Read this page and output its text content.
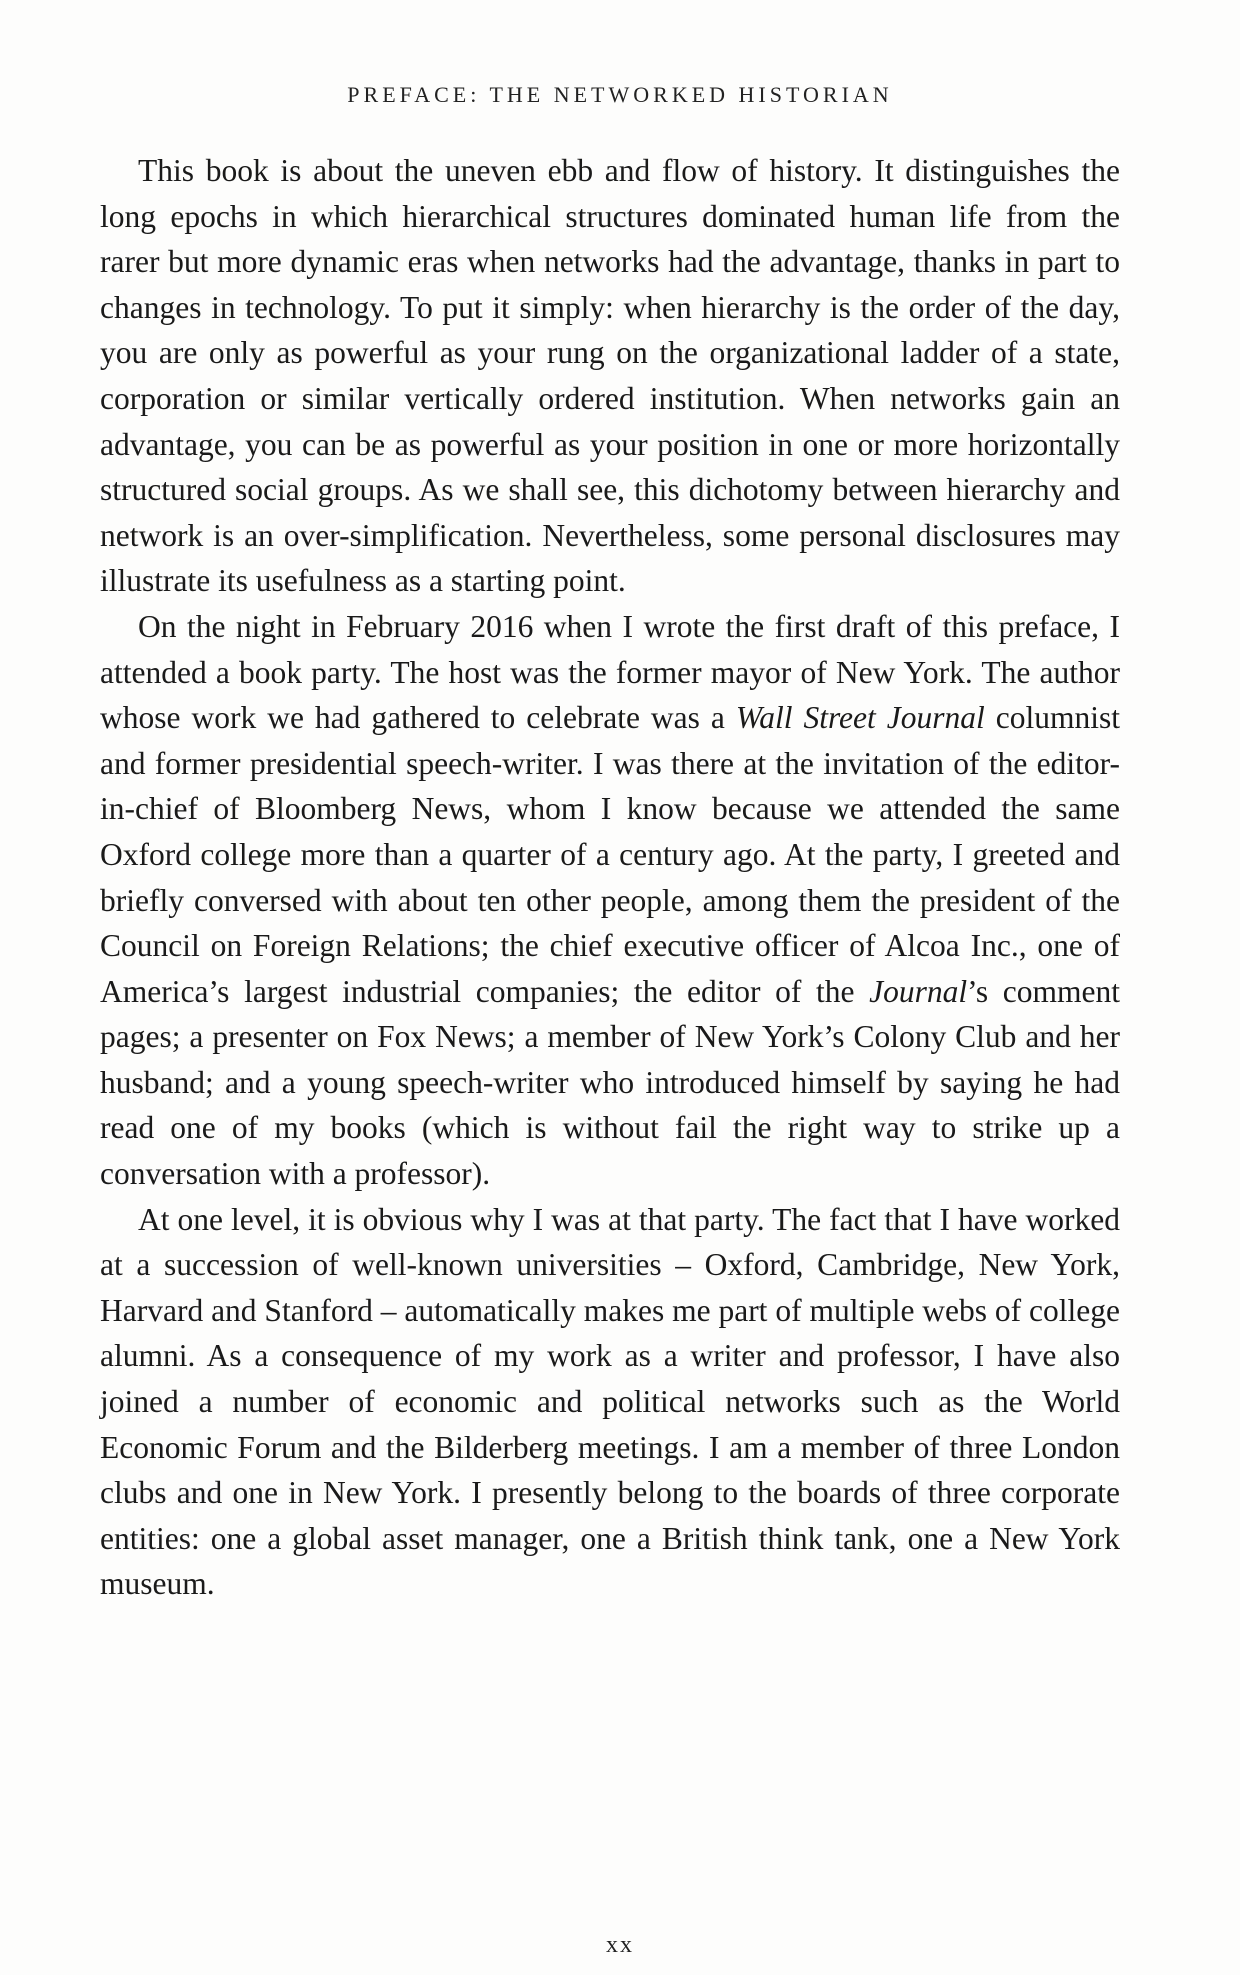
PREFACE: THE NETWORKED HISTORIAN

This book is about the uneven ebb and flow of history. It distinguishes the long epochs in which hierarchical structures dominated human life from the rarer but more dynamic eras when networks had the advantage, thanks in part to changes in technology. To put it simply: when hierarchy is the order of the day, you are only as powerful as your rung on the organizational ladder of a state, corporation or similar vertically ordered institution. When networks gain an advantage, you can be as powerful as your position in one or more horizontally structured social groups. As we shall see, this dichotomy between hierarchy and network is an over-simplification. Nevertheless, some personal disclosures may illustrate its usefulness as a starting point.

On the night in February 2016 when I wrote the first draft of this preface, I attended a book party. The host was the former mayor of New York. The author whose work we had gathered to celebrate was a Wall Street Journal columnist and former presidential speech-writer. I was there at the invitation of the editor-in-chief of Bloomberg News, whom I know because we attended the same Oxford college more than a quarter of a century ago. At the party, I greeted and briefly conversed with about ten other people, among them the president of the Council on Foreign Relations; the chief executive officer of Alcoa Inc., one of America’s largest industrial companies; the editor of the Journal’s comment pages; a presenter on Fox News; a member of New York’s Colony Club and her husband; and a young speech-writer who introduced himself by saying he had read one of my books (which is without fail the right way to strike up a conversation with a professor).

At one level, it is obvious why I was at that party. The fact that I have worked at a succession of well-known universities – Oxford, Cambridge, New York, Harvard and Stanford – automatically makes me part of multiple webs of college alumni. As a consequence of my work as a writer and professor, I have also joined a number of economic and political networks such as the World Economic Forum and the Bilderberg meetings. I am a member of three London clubs and one in New York. I presently belong to the boards of three corporate entities: one a global asset manager, one a British think tank, one a New York museum.

xx
